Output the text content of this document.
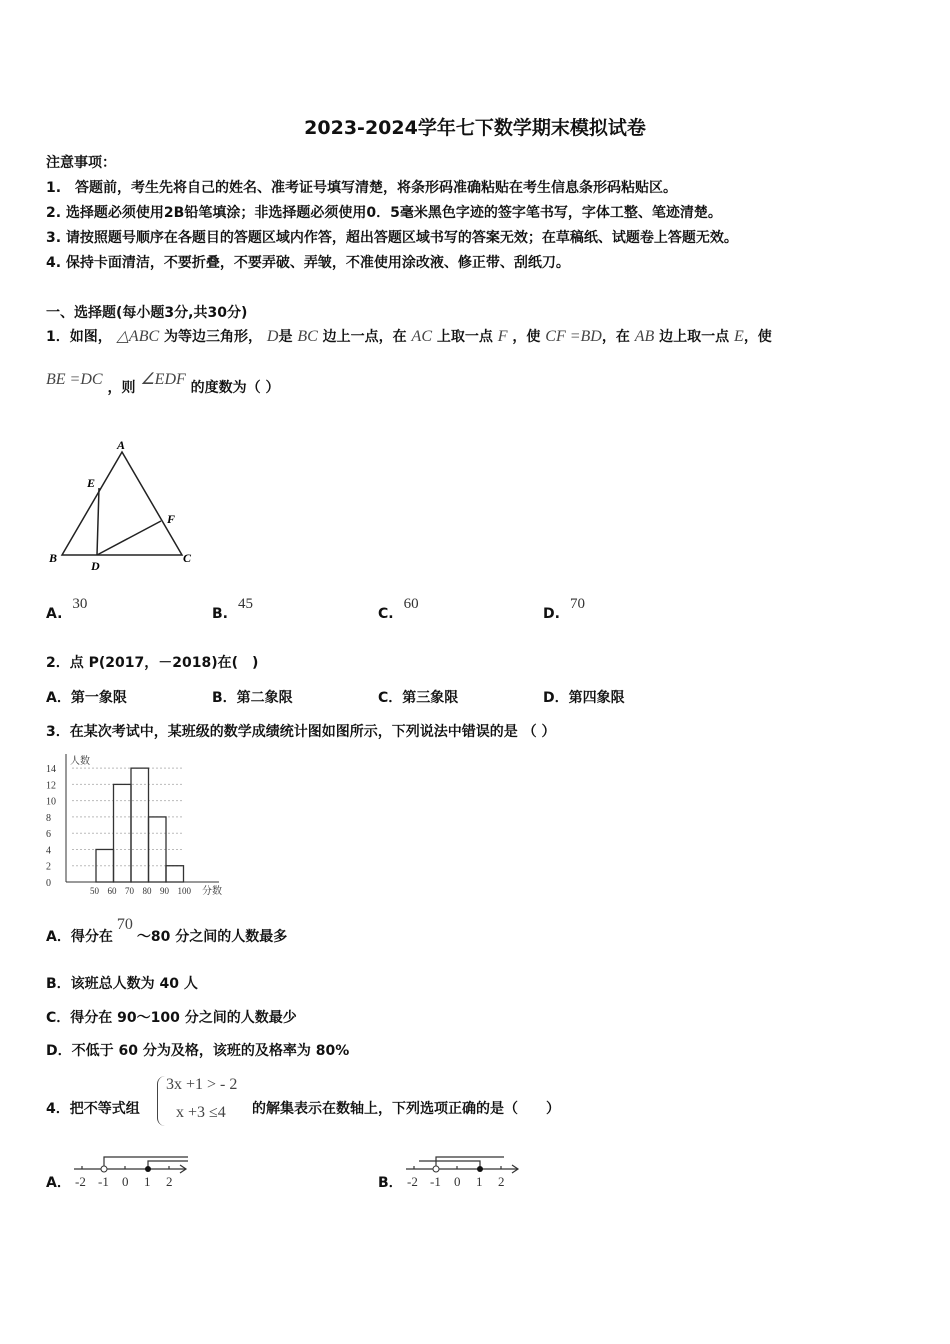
2023-2024学年七下数学期末模拟试卷
注意事项：
1.　答题前，考生先将自己的姓名、准考证号填写清楚，将条形码准确粘贴在考生信息条形码粘贴区。
2. 选择题必须使用2B铅笔填涂；非选择题必须使用0．5毫米黑色字迹的签字笔书写，字体工整、笔迹清楚。
3. 请按照题号顺序在各题目的答题区域内作答，超出答题区域书写的答案无效；在草稿纸、试题卷上答题无效。
4. 保持卡面清洁，不要折叠，不要弄破、弄皱，不准使用涂改液、修正带、刮纸刀。
一、选择题(每小题3分,共30分)
1．如图， △ABC 为等边三角形， D是 BC 边上一点，在 AC 上取一点 F ，使 CF =BD，在 AB 边上取一点 E，使
BE =DC ，则 ∠EDF 的度数为（ ）
A
E
F
B
D
C
A.30
B.45
C.60
D.70
2．点 P(2017，－2018)在(　)
A．第一象限	B．第二象限	C．第三象限	D．第四象限
3．在某次考试中，某班级的数学成绩统计图如图所示，下列说法中错误的是 （ ）
0
2
4
6
8
10
12
14
人数
50 60 70 80 90 100 分数
A．得分在70～80 分之间的人数最多
B．该班总人数为 40 人
C．得分在 90～100 分之间的人数最少
D．不低于 60 分为及格，该班的及格率为 80%
4．把不等式组
3x +1 > - 2
x +3 ≤4 的解集表示在数轴上，下列选项正确的是（　　）
A． -2 -1 0 1 2	B． -2 -1 0 1 2
